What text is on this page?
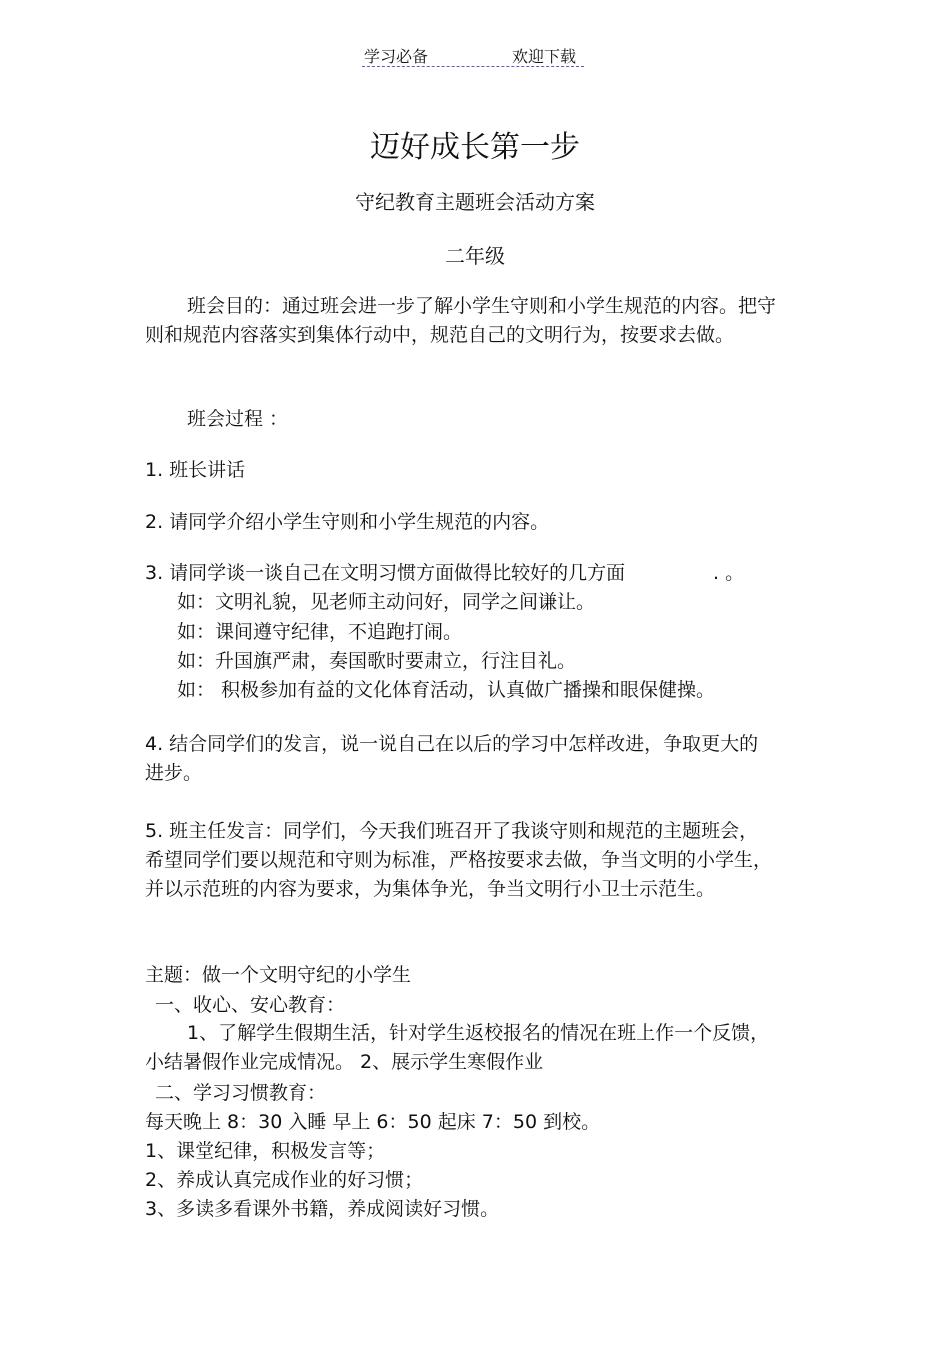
学习必备	欢迎下载
迈好成长第一步
守纪教育主题班会活动方案
二年级
班会目的：通过班会进一步了解小学生守则和小学生规范的内容。把守则和规范内容落实到集体行动中，规范自己的文明行为，按要求去做。
班会过程 ：
1. 班长讲话
2. 请同学介绍小学生守则和小学生规范的内容。
3. 请同学谈一谈自己在文明习惯方面做得比较好的几方面	. 。
如：文明礼貌，见老师主动问好，同学之间谦让。
如：课间遵守纪律，不追跑打闹。
如：升国旗严肃，奏国歌时要肃立，行注目礼。
如： 积极参加有益的文化体育活动，认真做广播操和眼保健操。
4. 结合同学们的发言，说一说自己在以后的学习中怎样改进，争取更大的进步。
5. 班主任发言：同学们，今天我们班召开了我谈守则和规范的主题班会，希望同学们要以规范和守则为标准，严格按要求去做，争当文明的小学生，并以示范班的内容为要求，为集体争光，争当文明行小卫士示范生。
主题：做一个文明守纪的小学生
一、收心、安心教育：
1、了解学生假期生活，针对学生返校报名的情况在班上作一个反馈，小结暑假作业完成情况。 2、展示学生寒假作业
二、学习习惯教育：
每天晚上 8：30 入睡 早上 6：50 起床 7：50 到校。
1、课堂纪律，积极发言等；
2、养成认真完成作业的好习惯；
3、多读多看课外书籍，养成阅读好习惯。
